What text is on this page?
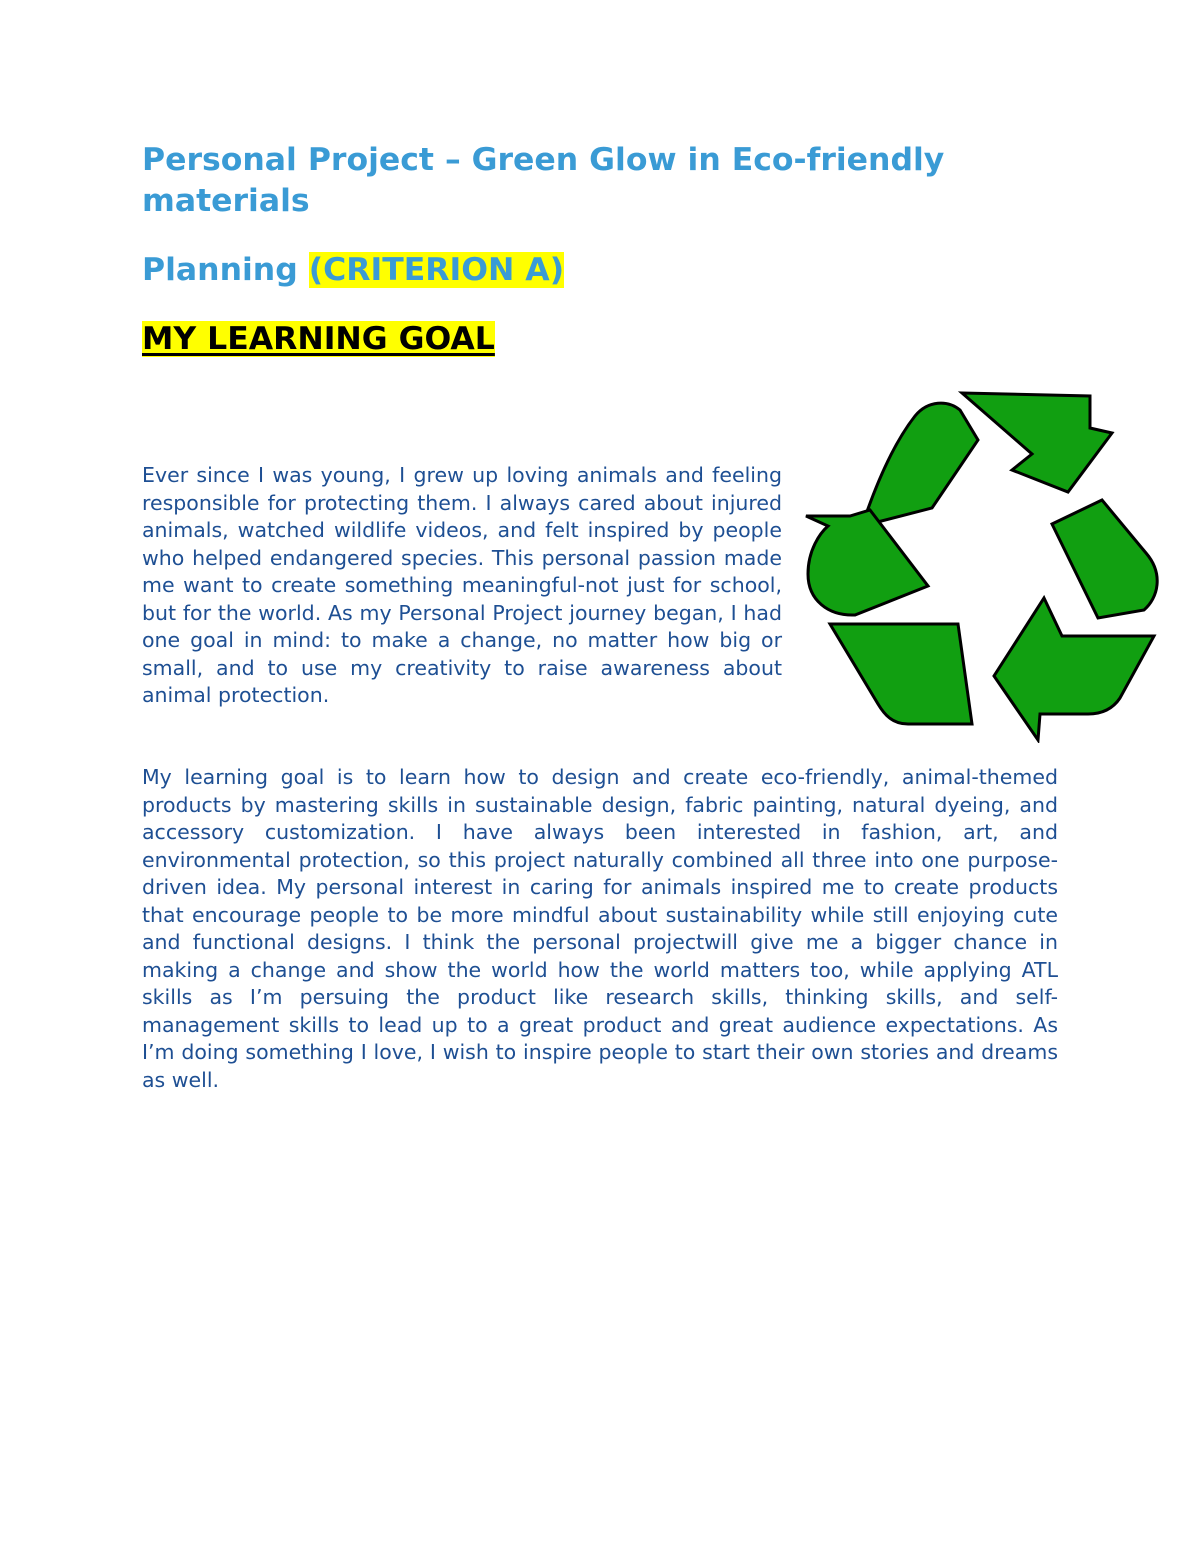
Personal Project – Green Glow in Eco-friendly materials
Planning (CRITERION A)
MY LEARNING GOAL

Ever since I was young, I grew up loving animals and feeling responsible for protecting them. I always cared about injured animals, watched wildlife videos, and felt inspired by people who helped endangered species. This personal passion made me want to create something meaningful-not just for school, but for the world. As my Personal Project journey began, I had one goal in mind: to make a change, no matter how big or small, and to use my creativity to raise awareness about animal protection.

My learning goal is to learn how to design and create eco-friendly, animal-themed products by mastering skills in sustainable design, fabric painting, natural dyeing, and accessory customization. I have always been interested in fashion, art, and environmental protection, so this project naturally combined all three into one purpose-driven idea. My personal interest in caring for animals inspired me to create products that encourage people to be more mindful about sustainability while still enjoying cute and functional designs. I think the personal projectwill give me a bigger chance in making a change and show the world how the world matters too, while applying ATL skills as I’m persuing the product like research skills, thinking skills, and self-management skills to lead up to a great product and great audience expectations. As I’m doing something I love, I wish to inspire people to start their own stories and dreams as well.
